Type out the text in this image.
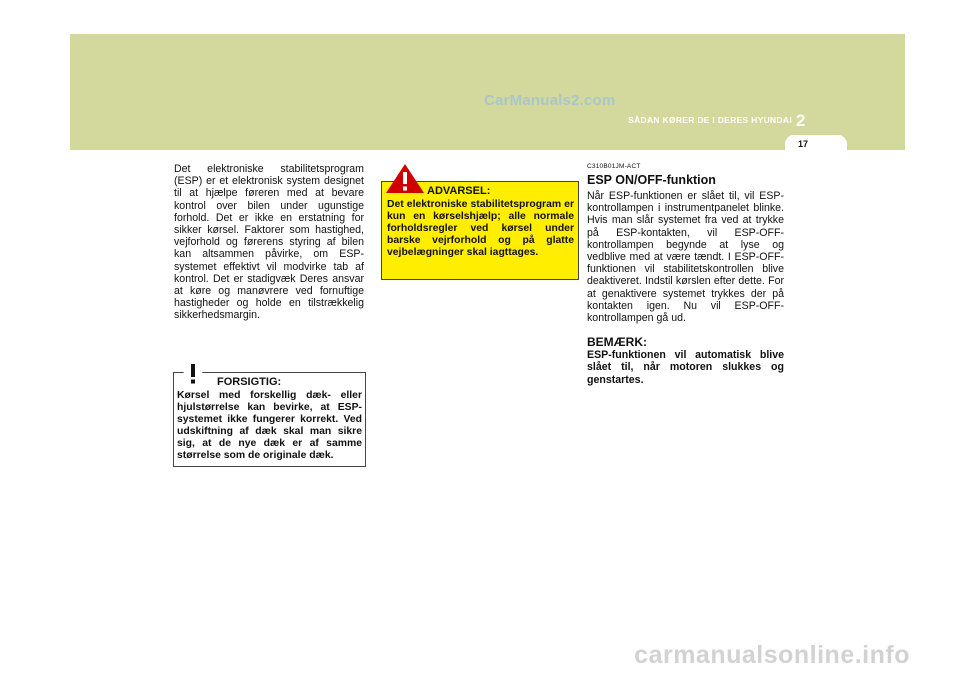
CarManuals2.com
SÅDAN KØRER DE I DERES HYUNDAI 2
17

Det elektroniske stabilitetsprogram (ESP) er et elektronisk system designet til at hjælpe føreren med at bevare kontrol over bilen under ugunstige forhold. Det er ikke en erstatning for sikker kørsel. Faktorer som hastighed, vejforhold og førerens styring af bilen kan altsammen påvirke, om ESP-systemet effektivt vil modvirke tab af kontrol. Det er stadigvæk Deres ansvar at køre og manøvrere ved fornuftige hastigheder og holde en tilstrækkelig sikkerhedsmargin.

Kørsel med forskellig dæk- eller hjulstørrelse kan bevirke, at ESP-systemet ikke fungerer korrekt. Ved udskiftning af dæk skal man sikre sig, at de nye dæk er af samme størrelse som de originale dæk.
FORSIGTIG:
Det elektroniske stabilitetsprogram er kun en kørselshjælp; alle normale forholdsregler ved kørsel under barske vejrforhold og på glatte vejbelægninger skal iagttages.
ADVARSEL:
C310B01JM-ACT
ESP ON/OFF-funktion

Når ESP-funktionen er slået til, vil ESP-kontrollampen i instrumentpanelet blinke. Hvis man slår systemet fra ved at trykke på ESP-kontakten, vil ESP-OFF-kontrollampen begynde at lyse og vedblive med at være tændt. I ESP-OFF-funktionen vil stabilitetskontrollen blive deaktiveret. Indstil kørslen efter dette. For at genaktivere systemet trykkes der på kontakten igen. Nu vil ESP-OFF-kontrollampen gå ud.

BEMÆRK:

ESP-funktionen vil automatisk blive slået til, når motoren slukkes og genstartes.

carmanualsonline.info
